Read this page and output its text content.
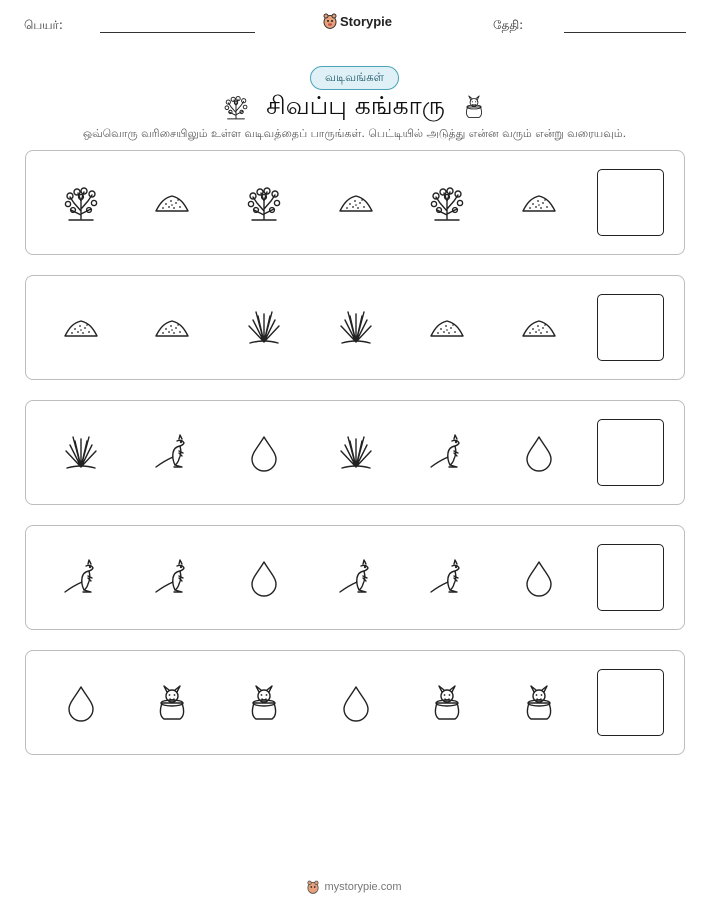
பெயர்:	Storypie	தேதி:
வடிவங்கள்
சிவப்பு கங்காரு
ஒவ்வொரு வரிசையிலும் உள்ள வடிவத்தைப் பாருங்கள். பெட்டியில் அடுத்து என்ன வரும் என்று வரையவும்.
mystorypie.com
